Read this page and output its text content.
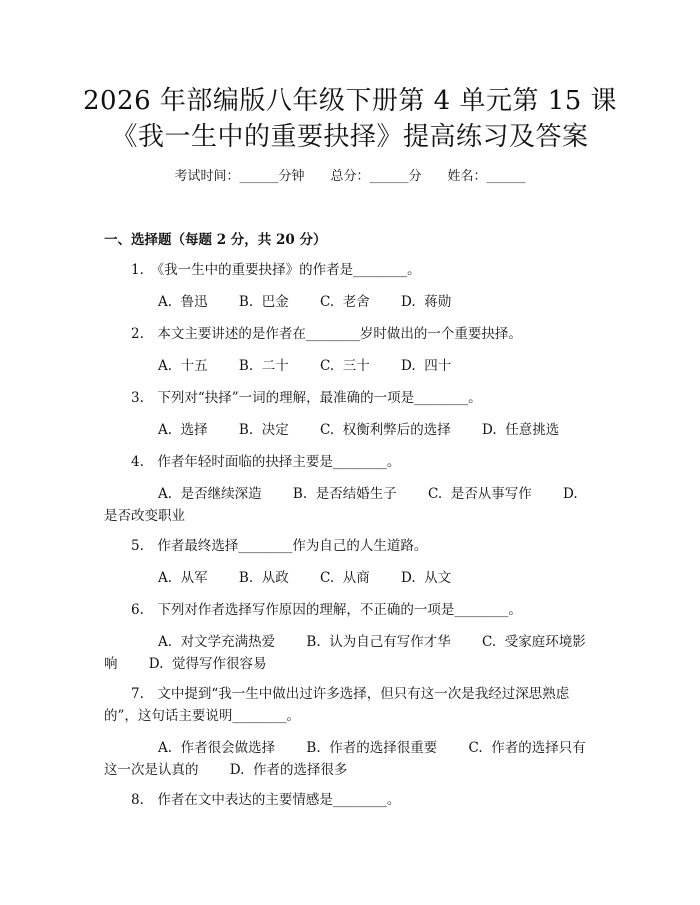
2026 年部编版八年级下册第 4 单元第 15 课
《我一生中的重要抉择》提高练习及答案
考试时间：______分钟 总分：______分 姓名：______
一、选择题（每题 2 分，共 20 分）
1.　《我一生中的重要抉择》的作者是________。
A.  鲁迅　　 B.  巴金　　 C.  老舍　　 D.  蒋勋
2.　本文主要讲述的是作者在________岁时做出的一个重要抉择。
A.  十五　　 B.  二十　　 C.  三十　　 D.  四十
3.　下列对“抉择”一词的理解，最准确的一项是________。
A.  选择　　 B.  决定　　 C.  权衡利弊后的选择　　 D.  任意挑选
4.　作者年轻时面临的抉择主要是________。
A.  是否继续深造　　 B.  是否结婚生子　　 C.  是否从事写作　　 D.
是否改变职业
5.　作者最终选择________作为自己的人生道路。
A.  从军　　 B.  从政　　 C.  从商　　 D.  从文
6.　下列对作者选择写作原因的理解，不正确的一项是________。
A.  对文学充满热爱　　 B.  认为自己有写作才华　　 C.  受家庭环境影
响　　 D.  觉得写作很容易
7.　文中提到“我一生中做出过许多选择，但只有这一次是我经过深思熟虑
的”，这句话主要说明________。
A.  作者很会做选择　　 B.  作者的选择很重要　　 C.  作者的选择只有
这一次是认真的　　 D.  作者的选择很多
8.　作者在文中表达的主要情感是________。
